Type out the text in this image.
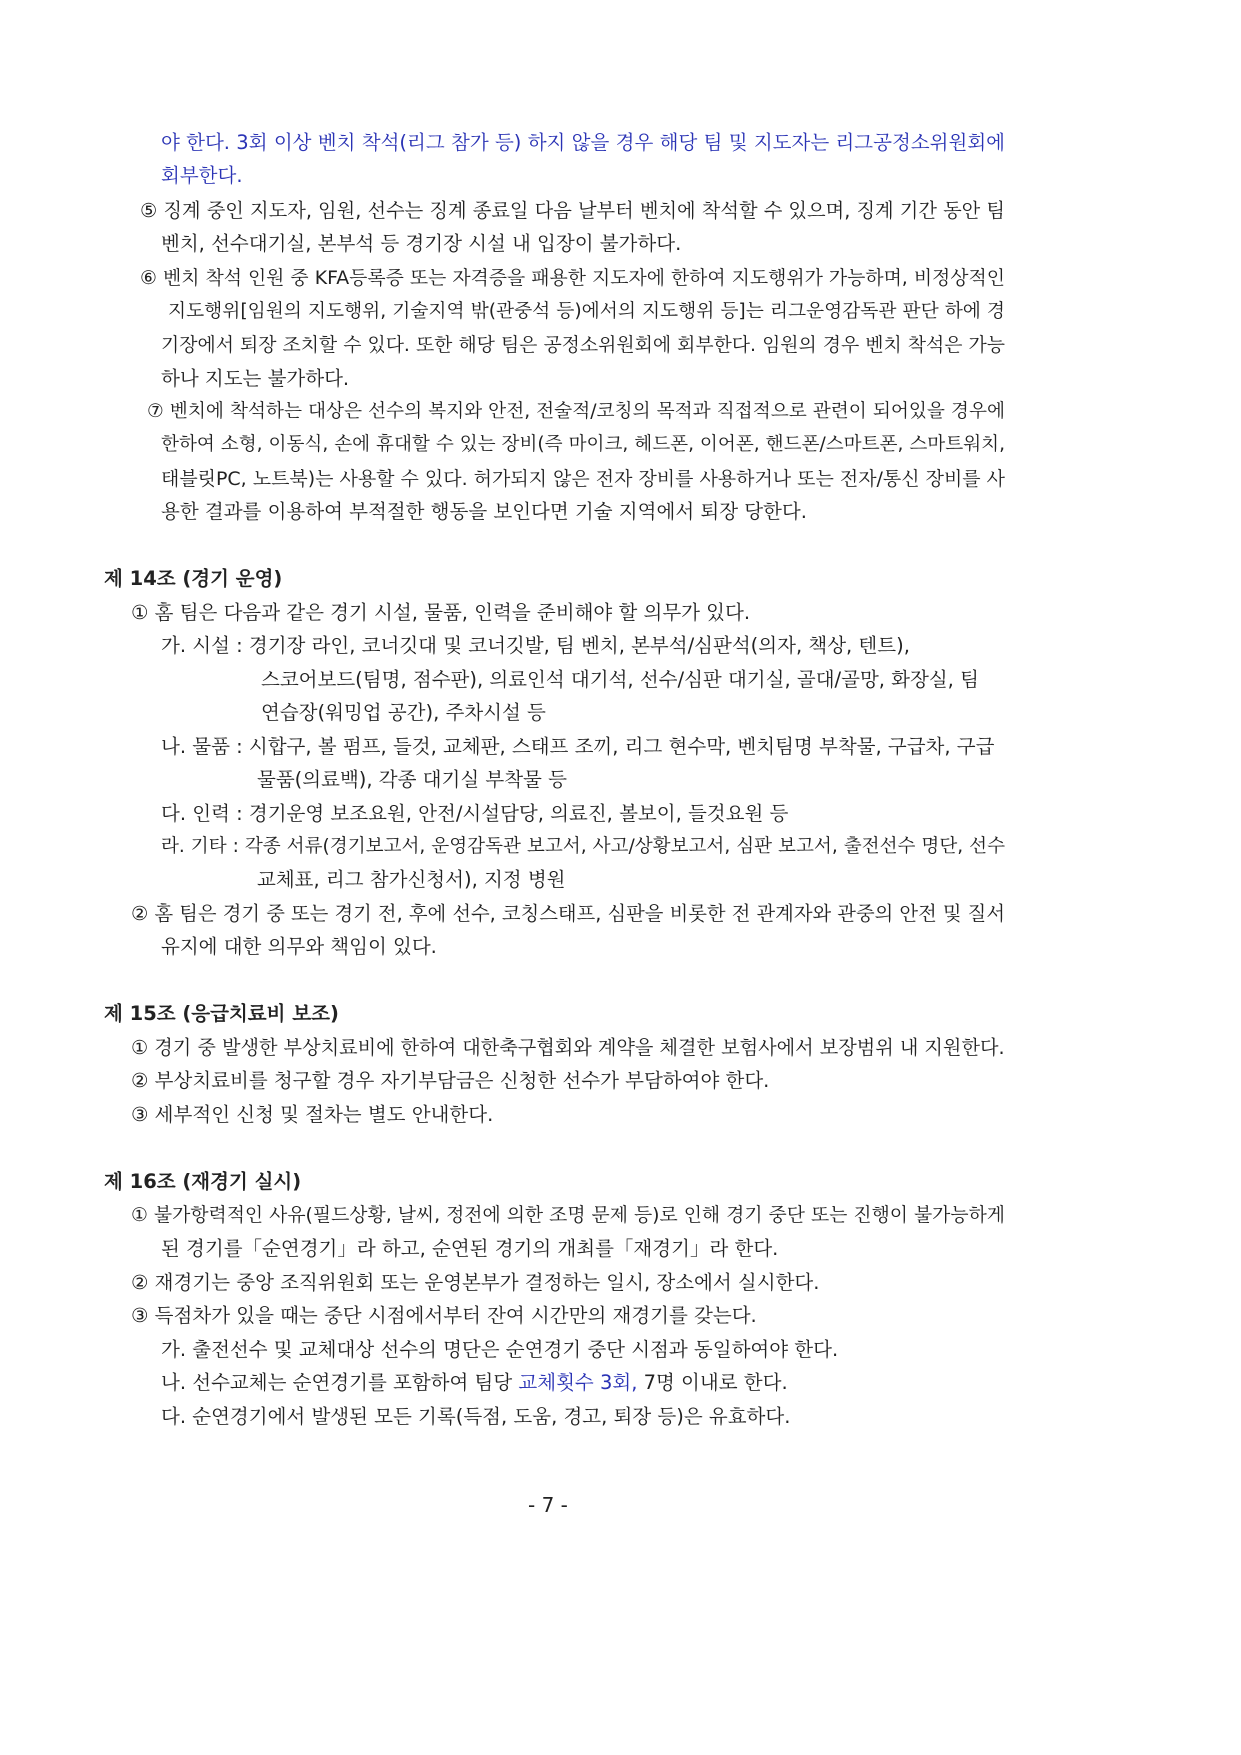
야 한다. 3회 이상 벤치 착석(리그 참가 등) 하지 않을 경우 해당 팀 및 지도자는 리그공정소위원회에
회부한다.
⑤ 징계 중인 지도자, 임원, 선수는 징계 종료일 다음 날부터 벤치에 착석할 수 있으며, 징계 기간 동안 팀
벤치, 선수대기실, 본부석 등 경기장 시설 내 입장이 불가하다.
⑥ 벤치 착석 인원 중 KFA등록증 또는 자격증을 패용한 지도자에 한하여 지도행위가 가능하며, 비정상적인
지도행위[임원의 지도행위, 기술지역 밖(관중석 등)에서의 지도행위 등]는 리그운영감독관 판단 하에 경
기장에서 퇴장 조치할 수 있다. 또한 해당 팀은 공정소위원회에 회부한다. 임원의 경우 벤치 착석은 가능
하나 지도는 불가하다.
⑦ 벤치에 착석하는 대상은 선수의 복지와 안전, 전술적/코칭의 목적과 직접적으로 관련이 되어있을 경우에
한하여 소형, 이동식, 손에 휴대할 수 있는 장비(즉 마이크, 헤드폰, 이어폰, 핸드폰/스마트폰, 스마트워치,
태블릿PC, 노트북)는 사용할 수 있다. 허가되지 않은 전자 장비를 사용하거나 또는 전자/통신 장비를 사
용한 결과를 이용하여 부적절한 행동을 보인다면 기술 지역에서 퇴장 당한다.
제 14조 (경기 운영)
① 홈 팀은 다음과 같은 경기 시설, 물품, 인력을 준비해야 할 의무가 있다.
가. 시설 : 경기장 라인, 코너깃대 및 코너깃발, 팀 벤치, 본부석/심판석(의자, 책상, 텐트),
스코어보드(팀명, 점수판), 의료인석 대기석, 선수/심판 대기실, 골대/골망, 화장실, 팀
연습장(워밍업 공간), 주차시설 등
나. 물품 : 시합구, 볼 펌프, 들것, 교체판, 스태프 조끼, 리그 현수막, 벤치팀명 부착물, 구급차, 구급
물품(의료백), 각종 대기실 부착물 등
다. 인력 : 경기운영 보조요원, 안전/시설담당, 의료진, 볼보이, 들것요원 등
라. 기타 : 각종 서류(경기보고서, 운영감독관 보고서, 사고/상황보고서, 심판 보고서, 출전선수 명단, 선수
교체표, 리그 참가신청서), 지정 병원
② 홈 팀은 경기 중 또는 경기 전, 후에 선수, 코칭스태프, 심판을 비롯한 전 관계자와 관중의 안전 및 질서
유지에 대한 의무와 책임이 있다.
제 15조 (응급치료비 보조)
① 경기 중 발생한 부상치료비에 한하여 대한축구협회와 계약을 체결한 보험사에서 보장범위 내 지원한다.
② 부상치료비를 청구할 경우 자기부담금은 신청한 선수가 부담하여야 한다.
③ 세부적인 신청 및 절차는 별도 안내한다.
제 16조 (재경기 실시)
① 불가항력적인 사유(필드상황, 날씨, 정전에 의한 조명 문제 등)로 인해 경기 중단 또는 진행이 불가능하게
된 경기를「순연경기」라 하고, 순연된 경기의 개최를「재경기」라 한다.
② 재경기는 중앙 조직위원회 또는 운영본부가 결정하는 일시, 장소에서 실시한다.
③ 득점차가 있을 때는 중단 시점에서부터 잔여 시간만의 재경기를 갖는다.
가. 출전선수 및 교체대상 선수의 명단은 순연경기 중단 시점과 동일하여야 한다.
나. 선수교체는 순연경기를 포함하여 팀당 교체횟수 3회, 7명 이내로 한다.
다. 순연경기에서 발생된 모든 기록(득점, 도움, 경고, 퇴장 등)은 유효하다.
- 7 -
